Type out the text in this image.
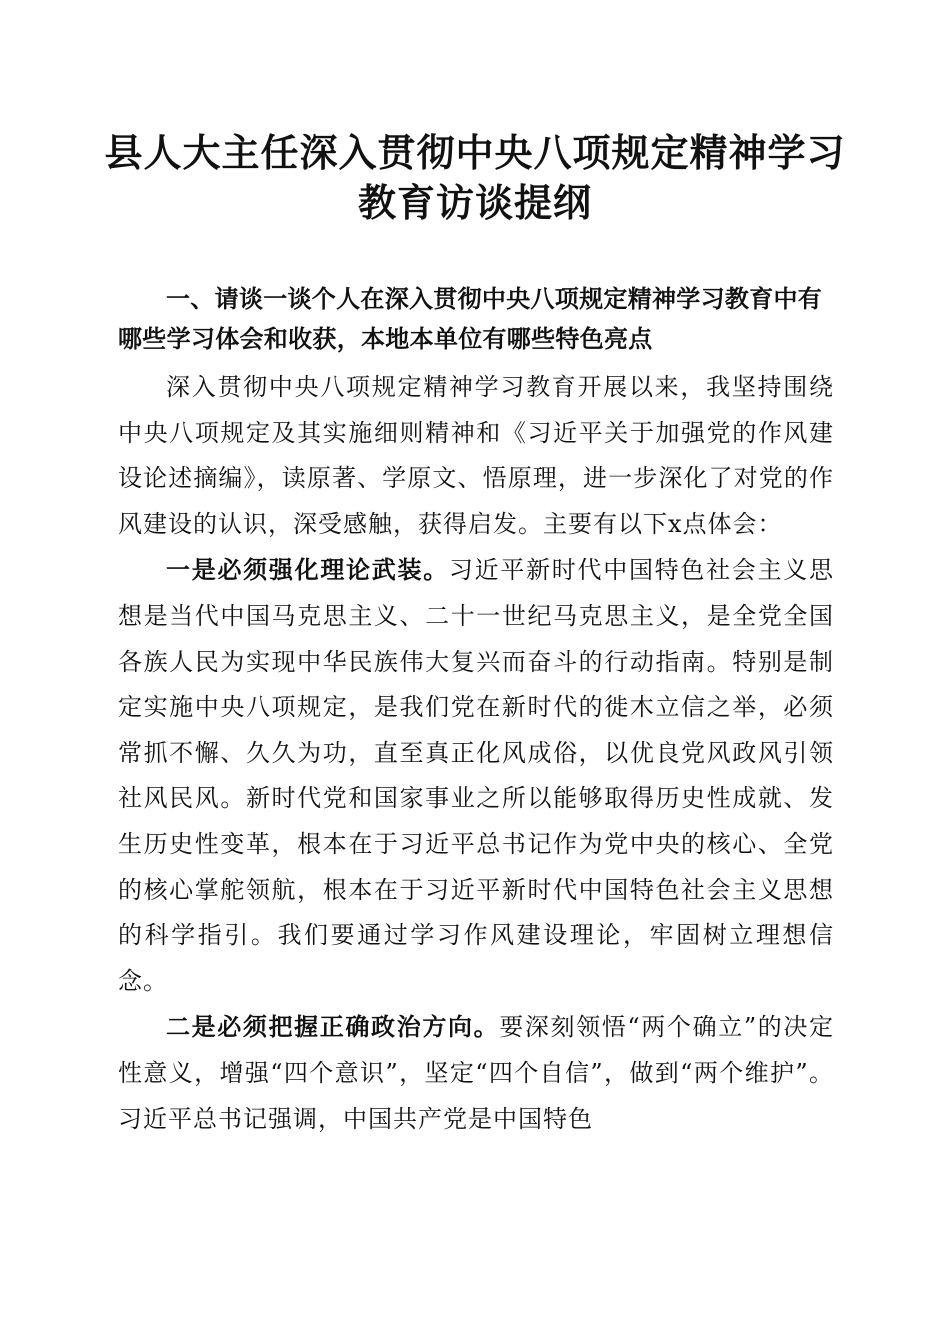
县人大主任深入贯彻中央八项规定精神学习教育访谈提纲

一、请谈一谈个人在深入贯彻中央八项规定精神学习教育中有哪些学习体会和收获，本地本单位有哪些特色亮点

深入贯彻中央八项规定精神学习教育开展以来，我坚持围绕中央八项规定及其实施细则精神和《习近平关于加强党的作风建设论述摘编》，读原著、学原文、悟原理，进一步深化了对党的作风建设的认识，深受感触，获得启发。主要有以下x点体会：

一是必须强化理论武装。习近平新时代中国特色社会主义思想是当代中国马克思主义、二十一世纪马克思主义，是全党全国各族人民为实现中华民族伟大复兴而奋斗的行动指南。特别是制定实施中央八项规定，是我们党在新时代的徙木立信之举，必须常抓不懈、久久为功，直至真正化风成俗，以优良党风政风引领社风民风。新时代党和国家事业之所以能够取得历史性成就、发生历史性变革，根本在于习近平总书记作为党中央的核心、全党的核心掌舵领航，根本在于习近平新时代中国特色社会主义思想的科学指引。我们要通过学习作风建设理论，牢固树立理想信念。

二是必须把握正确政治方向。要深刻领悟“两个确立”的决定性意义，增强“四个意识”，坚定“四个自信”，做到“两个维护”。习近平总书记强调，中国共产党是中国特色
